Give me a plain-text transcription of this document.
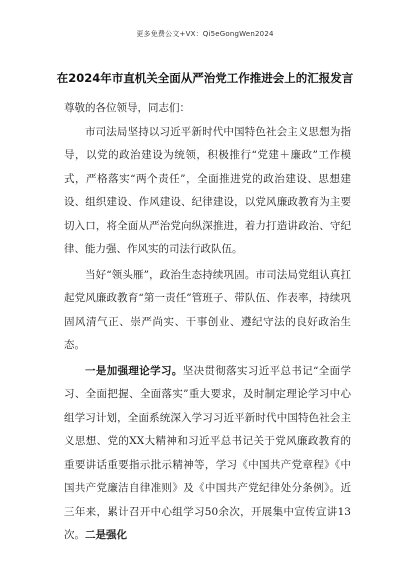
更多免费公文+VX：Qi5eGongWen2024
在2024年市直机关全面从严治党工作推进会上的汇报发言
尊敬的各位领导，同志们：

市司法局坚持以习近平新时代中国特色社会主义思想为指导，以党的政治建设为统领，积极推行“党建＋廉政”工作模式，严格落实“两个责任”，全面推进党的政治建设、思想建设、组织建设、作风建设、纪律建设，以党风廉政教育为主要切入口，将全面从严治党向纵深推进，着力打造讲政治、守纪律、能力强、作风实的司法行政队伍。

当好“领头雁”，政治生态持续巩固。市司法局党组认真扛起党风廉政教育“第一责任”管班子、带队伍、作表率，持续巩固风清气正、崇严尚实、干事创业、遵纪守法的良好政治生态。

一是加强理论学习。坚决贯彻落实习近平总书记“全面学习、全面把握、全面落实”重大要求，及时制定理论学习中心组学习计划，全面系统深入学习习近平新时代中国特色社会主义思想、党的XX大精神和习近平总书记关于党风廉政教育的重要讲话重要指示批示精神等，学习《中国共产党章程》《中国共产党廉洁自律准则》及《中国共产党纪律处分条例》。近三年来，累计召开中心组学习50余次，开展集中宣传宣讲13次。二是强化
